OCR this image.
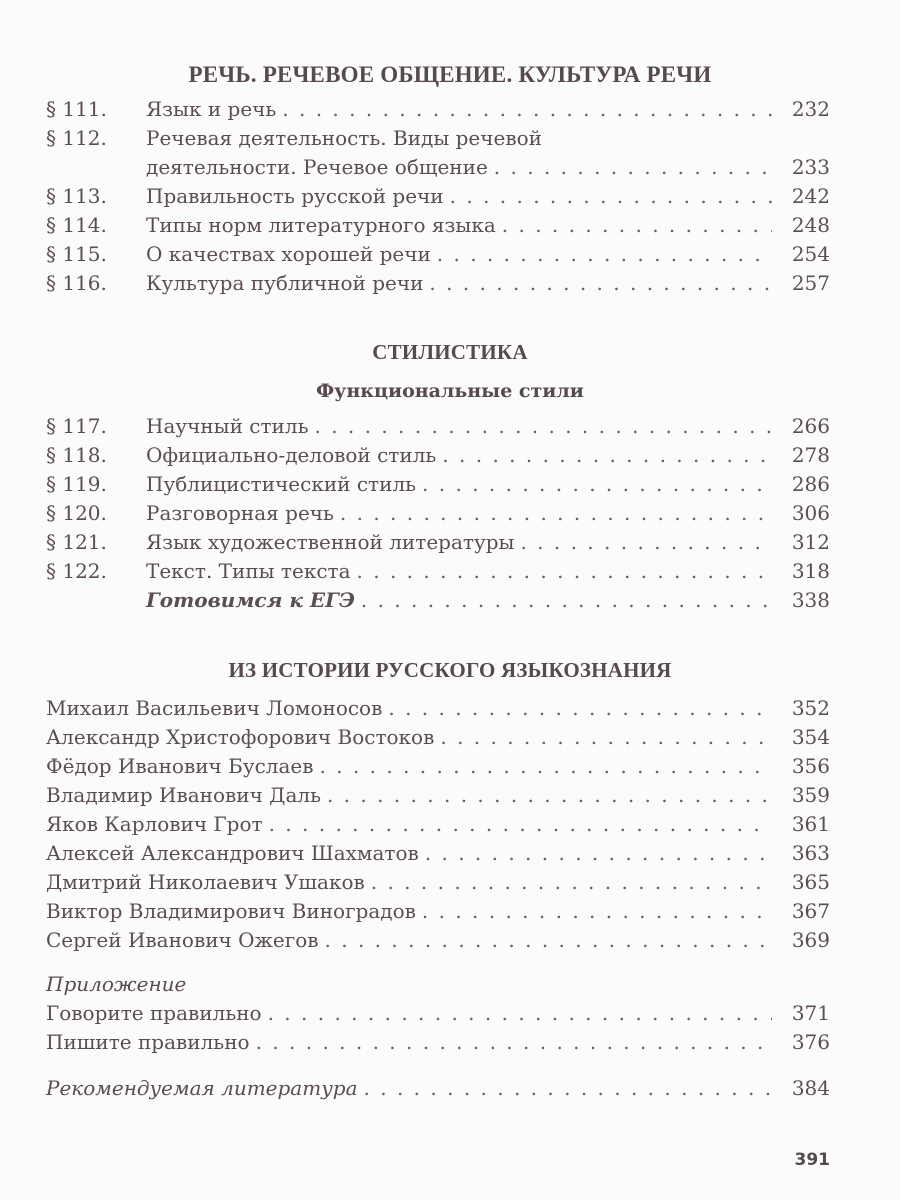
РЕЧЬ. РЕЧЕВОЕ ОБЩЕНИЕ. КУЛЬТУРА РЕЧИ
§ 111.	Язык и речь . . .	232
§ 112.	Речевая деятельность. Виды речевой
деятельности. Речевое общение . . .	233
§ 113.	Правильность русской речи . . .	242
§ 114.	Типы норм литературного языка . . .	248
§ 115.	О качествах хорошей речи . . .	254
§ 116.	Культура публичной речи . . .	257
СТИЛИСТИКА
Функциональные стили
§ 117.	Научный стиль . . .	266
§ 118.	Официально-деловой стиль . . .	278
§ 119.	Публицистический стиль . . .	286
§ 120.	Разговорная речь . . .	306
§ 121.	Язык художественной литературы . . .	312
§ 122.	Текст. Типы текста . . .	318
Готовимся к ЕГЭ . . .	338
ИЗ ИСТОРИИ РУССКОГО ЯЗЫКОЗНАНИЯ
Михаил Васильевич Ломоносов . . .	352
Александр Христофорович Востоков . . .	354
Фёдор Иванович Буслаев . . .	356
Владимир Иванович Даль . . .	359
Яков Карлович Грот . . .	361
Алексей Александрович Шахматов . . .	363
Дмитрий Николаевич Ушаков . . .	365
Виктор Владимирович Виноградов . . .	367
Сергей Иванович Ожегов . . .	369
Приложение
Говорите правильно . . .	371
Пишите правильно . . .	376
Рекомендуемая литература . . .	384
391
